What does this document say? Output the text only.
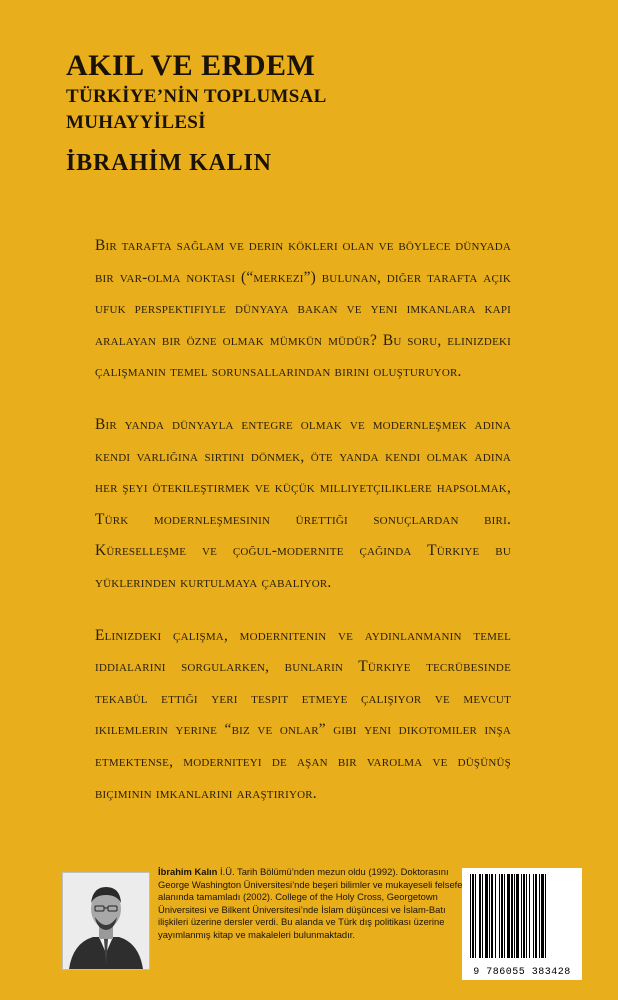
AKIL VE ERDEM
TÜRKİYE’NİN TOPLUMSAL
MUHAYYİLESİ
İBRAHİM KALIN

Bir tarafta sağlam ve derin kökleri olan ve böylece dünyada bir var-olma noktası (“merkezi”) bulunan, diğer tarafta açık ufuk perspektifiyle dünyaya bakan ve yeni imkanlara kapı aralayan bir özne olmak mümkün müdür? Bu soru, elinizdeki çalışmanın temel sorunsallarından birini oluşturuyor.

Bir yanda dünyayla entegre olmak ve modernleşmek adına kendi varlığına sırtını dönmek, öte yanda kendi olmak adına her şeyi ötekileştirmek ve küçük milliyetçiliklere hapsolmak, Türk modernleşmesinin ürettiği sonuçlardan biri. Küreselleşme ve çoğul-modernite çağında Türkiye bu yüklerinden kurtulmaya çabalıyor.

Elinizdeki çalışma, modernitenin ve aydınlanmanın temel iddialarını sorgularken, bunların Türkiye tecrübesinde tekabül ettiği yeri tespit etmeye çalışıyor ve mevcut ikilemlerin yerine “biz ve onlar” gibi yeni dikotomiler inşa etmektense, moderniteyi de aşan bir varolma ve düşünüş biçiminin imkanlarını araştırıyor.

İbrahim Kalın İ.Ü. Tarih Bölümü’nden mezun oldu (1992). Doktorasını George Washington Üniversitesi’nde beşeri bilimler ve mukayeseli felsefe alanında tamamladı (2002). College of the Holy Cross, Georgetown Üniversitesi ve Bilkent Üniversitesi’nde İslam düşüncesi ve İslam-Batı ilişkileri üzerine dersler verdi. Bu alanda ve Türk dış politikası üzerine yayımlanmış kitap ve makaleleri bulunmaktadır.
9 786055 383428
